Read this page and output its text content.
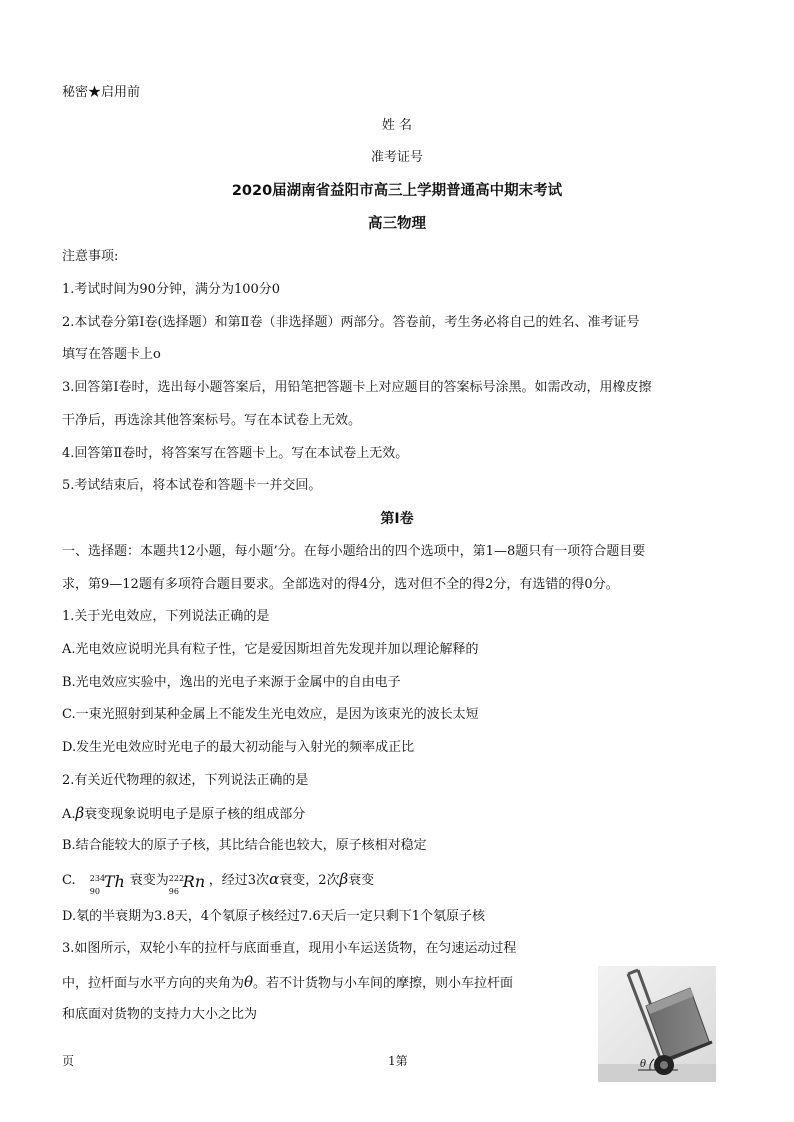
秘密★启用前
姓 名
准考证号
2020届湖南省益阳市高三上学期普通高中期末考试
高三物理
注意事项:
1.考试时间为90分钟，满分为100分0
2.本试卷分第I卷(选择题）和第Ⅱ卷（非选择题）两部分。答卷前，考生务必将自己的姓名、准考证号
填写在答题卡上o
3.回答第I卷时，选出每小题答案后，用铅笔把答题卡上对应题目的答案标号涂黑。如需改动，用橡皮擦
干净后，再选涂其他答案标号。写在本试卷上无效。
4.回答第Ⅱ卷时，将答案写在答题卡上。写在本试卷上无效。
5.考试结束后，将本试卷和答题卡一并交回。
第I卷
一、选择题：本题共12小题，每小题’分。在每小题给出的四个选项中，第1—8题只有一项符合题目要
求，第9—12题有多项符合题目要求。全部选对的得4分，选对但不全的得2分，有选错的得0分。
1.关于光电效应，下列说法正确的是
A.光电效应说明光具有粒子性，它是爱因斯坦首先发现并加以理论解释的
B.光电效应实验中，逸出的光电子来源于金属中的自由电子
C.一束光照射到某种金属上不能发生光电效应，是因为该束光的波长太短
D.发生光电效应时光电子的最大初动能与入射光的频率成正比
2.有关近代物理的叙述，下列说法正确的是
A.β衰变现象说明电子是原子核的组成部分
B.结合能较大的原子子核，其比结合能也较大，原子核相对稳定
C. 234
90
Th 衰变为 222
96
Rn ，经过3次α衰变，2次β衰变
D.氡的半衰期为3.8天，4个氡原子核经过7.6天后一定只剩下1个氡原子核
3.如图所示，双轮小车的拉杆与底面垂直，现用小车运送货物，在匀速运动过程
中，拉杆面与水平方向的夹角为θ。若不计货物与小车间的摩擦，则小车拉杆面
和底面对货物的支持力大小之比为
θ
页	1第
